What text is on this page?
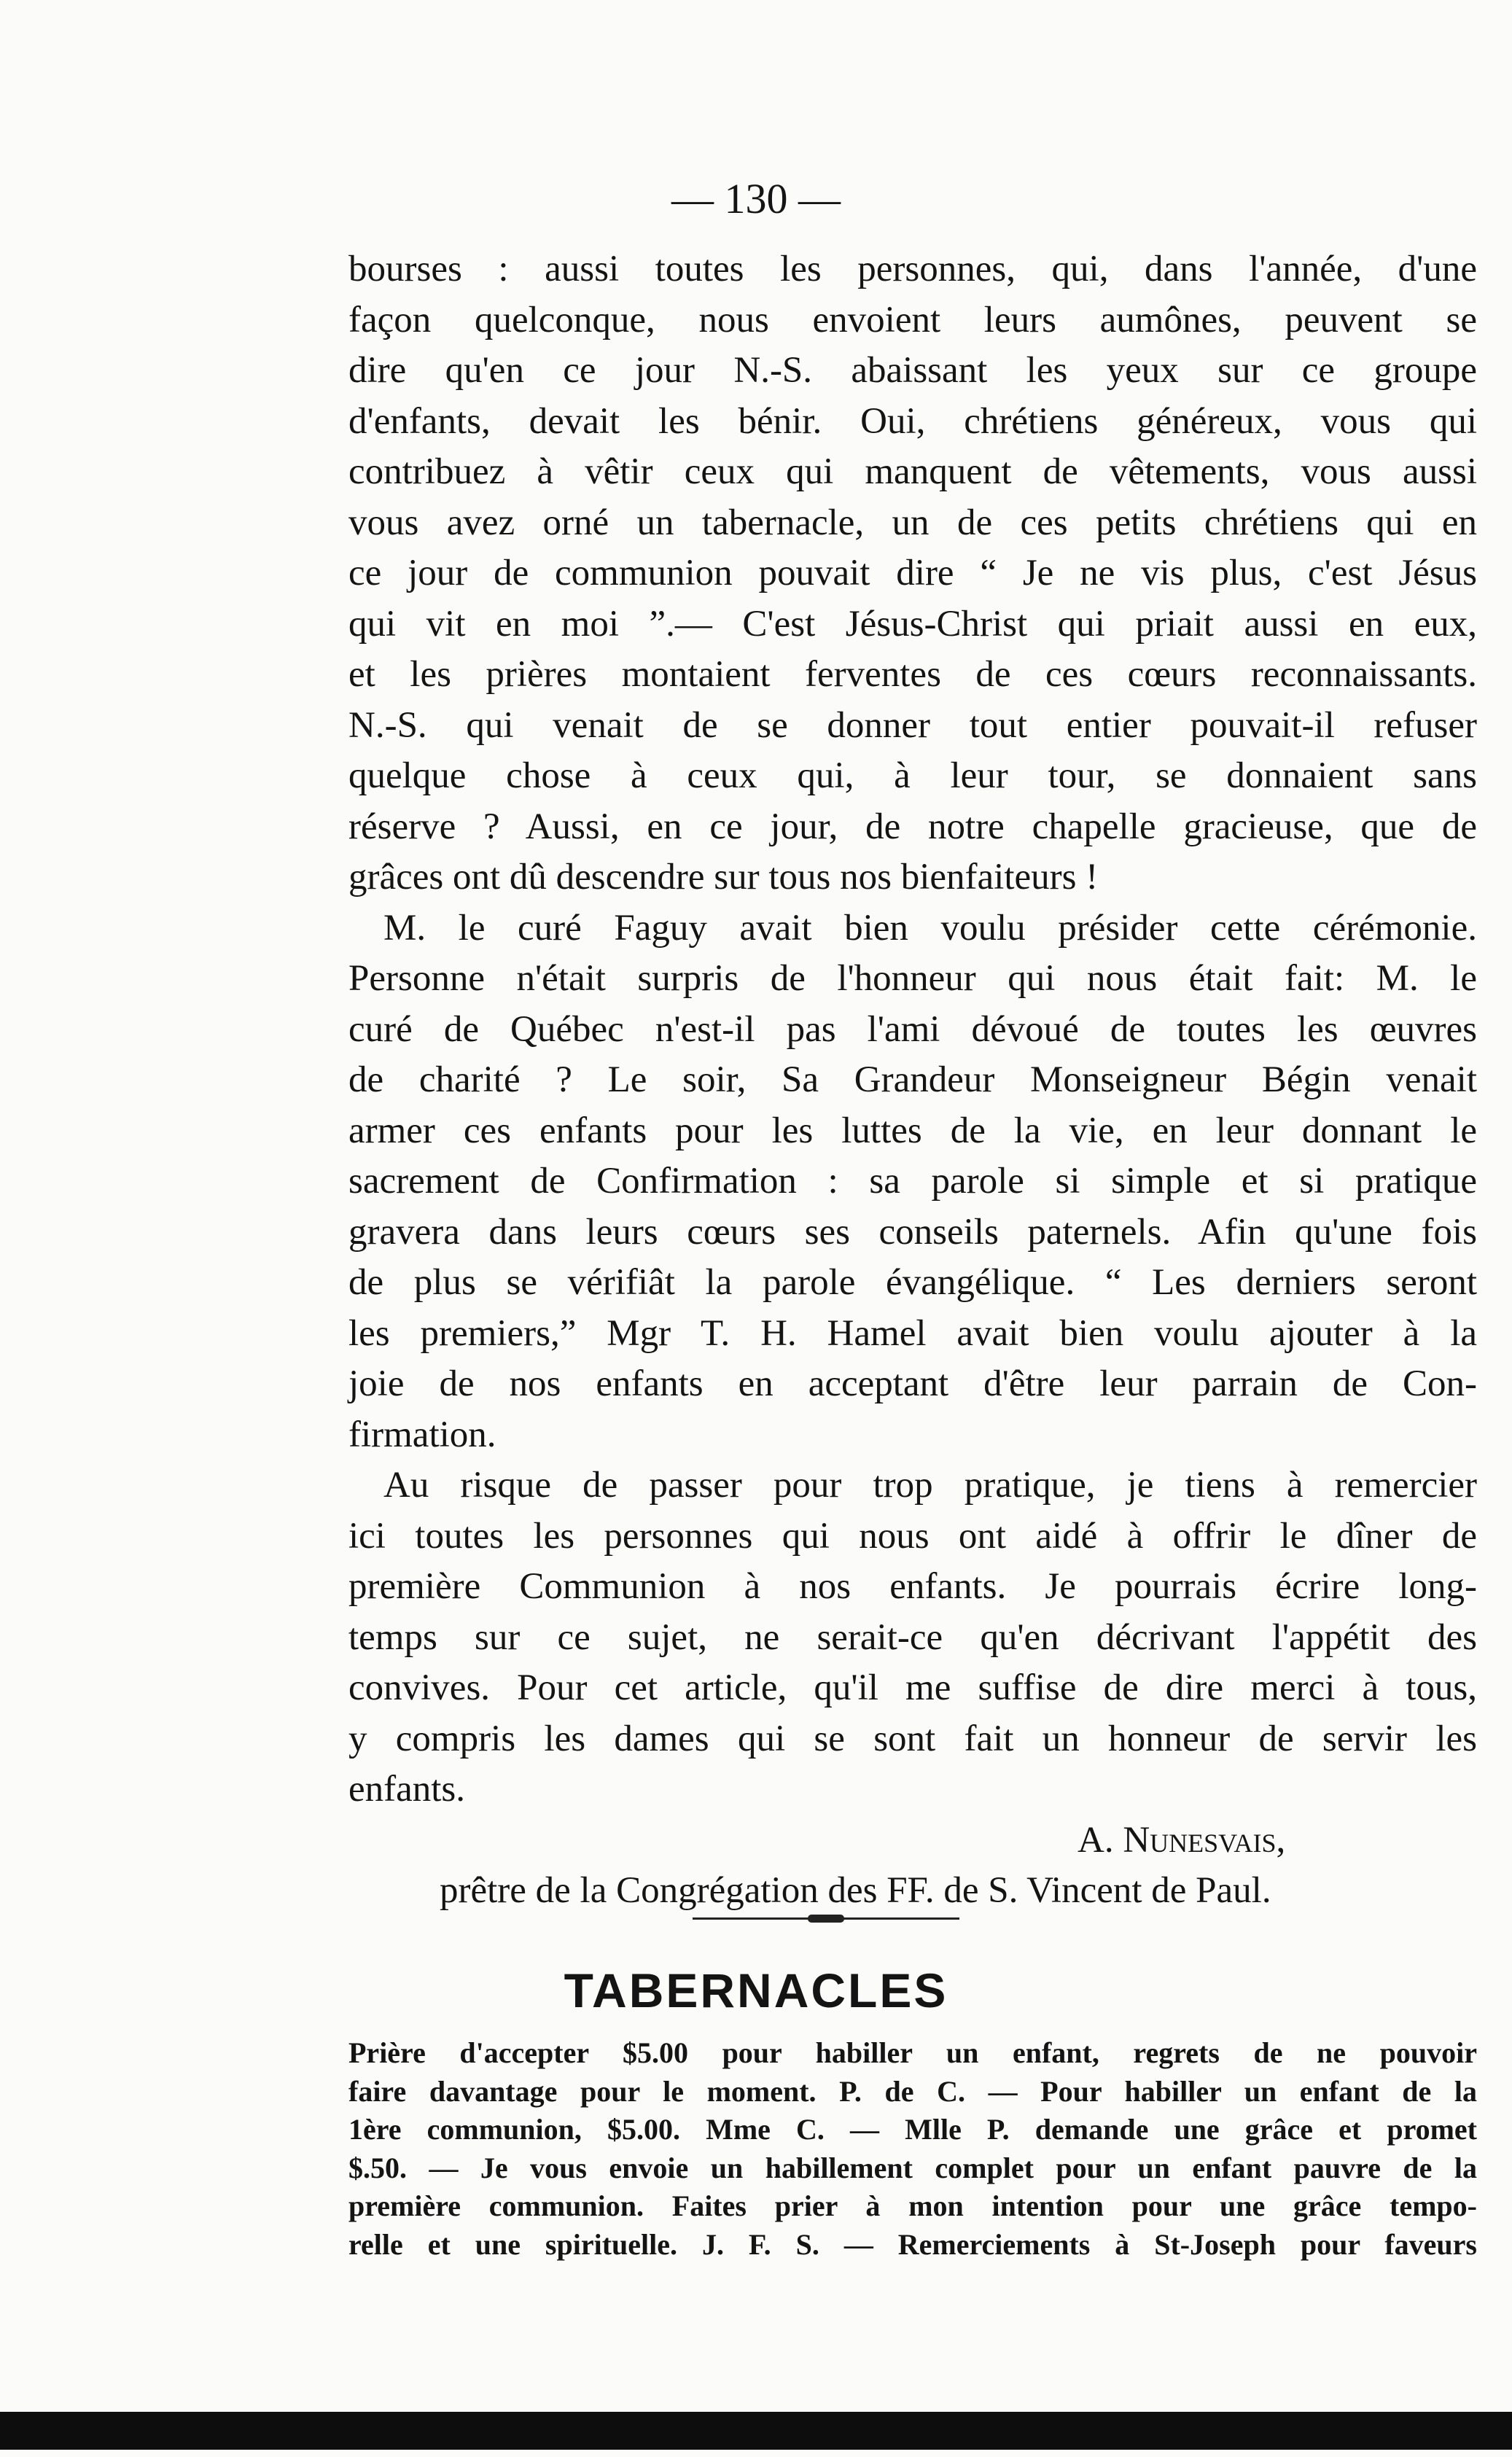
— 130 —
bourses : aussi toutes les personnes, qui, dans l'année, d'une
façon quelconque, nous envoient leurs aumônes, peuvent se
dire qu'en ce jour N.-S. abaissant les yeux sur ce groupe
d'enfants, devait les bénir. Oui, chrétiens généreux, vous qui
contribuez à vêtir ceux qui manquent de vêtements, vous aussi
vous avez orné un tabernacle, un de ces petits chrétiens qui en
ce jour de communion pouvait dire “ Je ne vis plus, c'est Jésus
qui vit en moi ”.— C'est Jésus-Christ qui priait aussi en eux,
et les prières montaient ferventes de ces cœurs reconnaissants.
N.-S. qui venait de se donner tout entier pouvait-il refuser
quelque chose à ceux qui, à leur tour, se donnaient sans
réserve ? Aussi, en ce jour, de notre chapelle gracieuse, que de
grâces ont dû descendre sur tous nos bienfaiteurs !
M. le curé Faguy avait bien voulu présider cette cérémonie.
Personne n'était surpris de l'honneur qui nous était fait: M. le
curé de Québec n'est-il pas l'ami dévoué de toutes les œuvres
de charité ? Le soir, Sa Grandeur Monseigneur Bégin venait
armer ces enfants pour les luttes de la vie, en leur donnant le
sacrement de Confirmation : sa parole si simple et si pratique
gravera dans leurs cœurs ses conseils paternels. Afin qu'une fois
de plus se vérifiât la parole évangélique. “ Les derniers seront
les premiers,” Mgr T. H. Hamel avait bien voulu ajouter à la
joie de nos enfants en acceptant d'être leur parrain de Con-
firmation.
Au risque de passer pour trop pratique, je tiens à remercier
ici toutes les personnes qui nous ont aidé à offrir le dîner de
première Communion à nos enfants. Je pourrais écrire long-
temps sur ce sujet, ne serait-ce qu'en décrivant l'appétit des
convives. Pour cet article, qu'il me suffise de dire merci à tous,
y compris les dames qui se sont fait un honneur de servir les
enfants.
A. Nunesvais,
prêtre de la Congrégation des FF. de S. Vincent de Paul.
TABERNACLES
Prière d'accepter $5.00 pour habiller un enfant, regrets de ne pouvoir
faire davantage pour le moment. P. de C. — Pour habiller un enfant de la
1ère communion, $5.00. Mme C. — Mlle P. demande une grâce et promet
$.50. — Je vous envoie un habillement complet pour un enfant pauvre de la
première communion. Faites prier à mon intention pour une grâce tempo-
relle et une spirituelle. J. F. S. — Remerciements à St-Joseph pour faveurs
